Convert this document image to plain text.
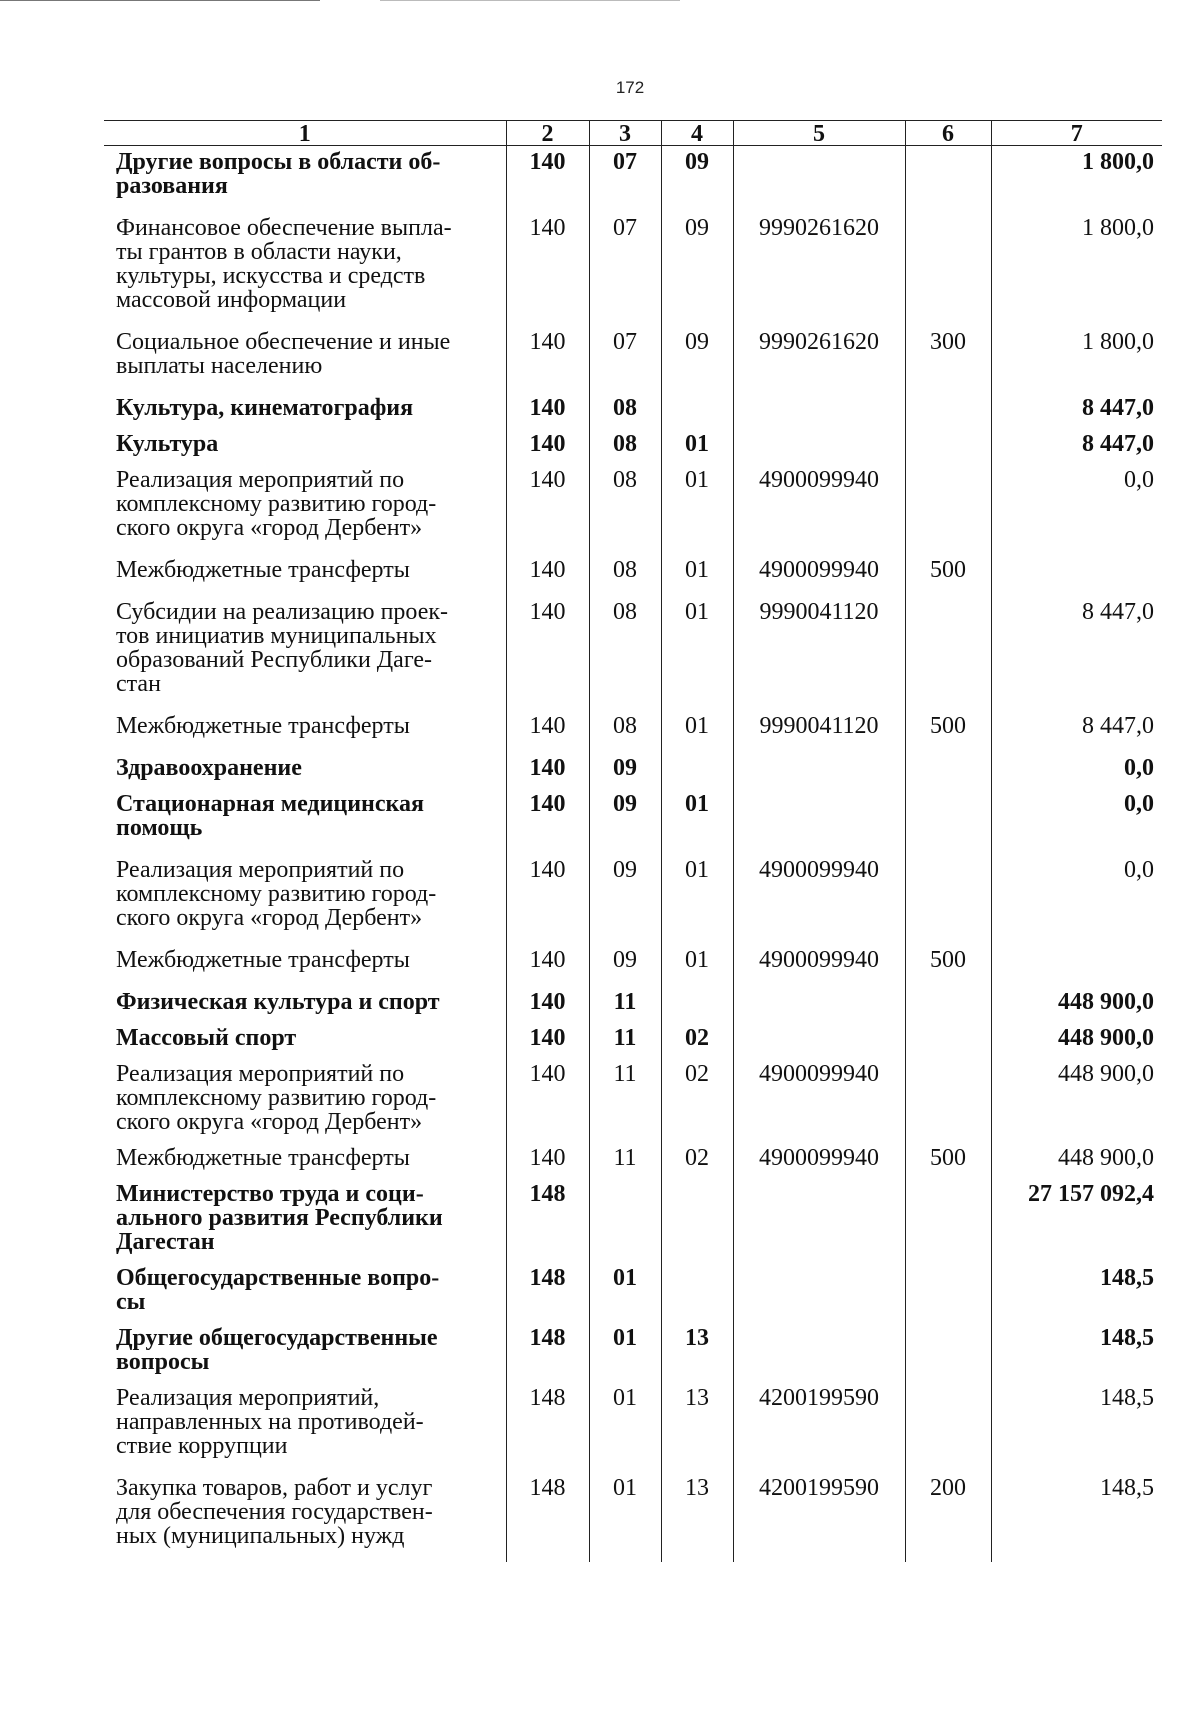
172
1	2	3	4	5	6	7
Другие вопросы в области об-
разования	140	07	09			1 800,0
Финансовое обеспечение выпла-
ты грантов в области науки,
культуры, искусства и средств
массовой информации	140	07	09	9990261620		1 800,0
Социальное обеспечение и иные
выплаты населению	140	07	09	9990261620	300	1 800,0
Культура, кинематография	140	08				8 447,0
Культура	140	08	01			8 447,0
Реализация мероприятий по
комплексному развитию город-
ского округа «город Дербент»	140	08	01	4900099940		0,0
Межбюджетные трансферты	140	08	01	4900099940	500	
Субсидии на реализацию проек-
тов инициатив муниципальных
образований Республики Даге-
стан	140	08	01	9990041120		8 447,0
Межбюджетные трансферты	140	08	01	9990041120	500	8 447,0
Здравоохранение	140	09				0,0
Стационарная медицинская
помощь	140	09	01			0,0
Реализация мероприятий по
комплексному развитию город-
ского округа «город Дербент»	140	09	01	4900099940		0,0
Межбюджетные трансферты	140	09	01	4900099940	500	
Физическая культура и спорт	140	11				448 900,0
Массовый спорт	140	11	02			448 900,0
Реализация мероприятий по
комплексному развитию город-
ского округа «город Дербент»	140	11	02	4900099940		448 900,0
Межбюджетные трансферты	140	11	02	4900099940	500	448 900,0
Министерство труда и соци-
ального развития Республики
Дагестан	148					27 157 092,4
Общегосударственные вопро-
сы	148	01				148,5
Другие общегосударственные
вопросы	148	01	13			148,5
Реализация мероприятий,
направленных на противодей-
ствие коррупции	148	01	13	4200199590		148,5
Закупка товаров, работ и услуг
для обеспечения государствен-
ных (муниципальных) нужд	148	01	13	4200199590	200	148,5
